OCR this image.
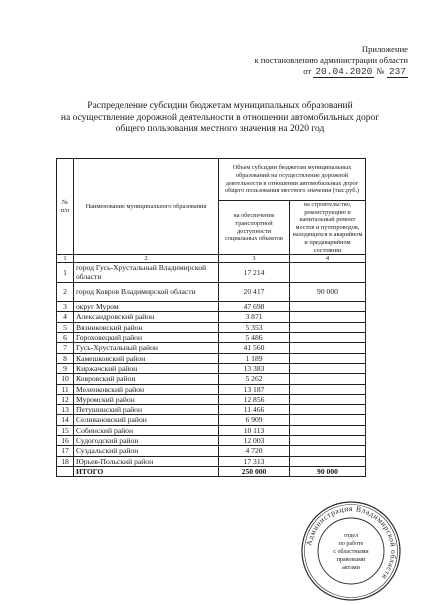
Приложение
к постановлению администрации области
от 20.04.2020 № 237
Распределение субсидии бюджетам муниципальных образований
на осуществление дорожной деятельности в отношении автомобильных дорог
общего пользования местного значения на 2020 год
№ п/п	Наименование муниципального образования	Объем субсидии бюджетам муниципальных образований на осуществление дорожной деятельности в отношении автомобильных дорог общего пользования местного значения (тыс.руб.)	
		на обеспечение транспортной доступности социальных объектов	на строительство, реконструкцию и капитальный ремонт мостов и путепроводов, находящихся в аварийном и предаварийном состоянии
1	2	3	4
1	город Гусь-Хрустальный Владимирской области	17 214	
2	город Ковров Владимирской области	20 417	90 000
3	округ Муром	47 698	
4	Александровский район	3 871	
5	Вязниковский район	5 353	
6	Гороховецкий район	5 486	
7	Гусь-Хрустальный район	41 560	
8	Камешковский район	1 189	
9	Киржачский район	13 383	
10	Ковровский район	5 262	
11	Меленковский район	13 187	
12	Муромский район	12 856	
13	Петушинский район	11 466	
14	Селивановский район	6 909	
15	Собинский район	10 113	
16	Судогодский район	12 003	
17	Суздальский район	4 720	
18	Юрьев-Польский район	17 313	
	ИТОГО	250 000	90 000
Администрация Владимирской области
отдел
по работе
с областными
правовыми
актами
